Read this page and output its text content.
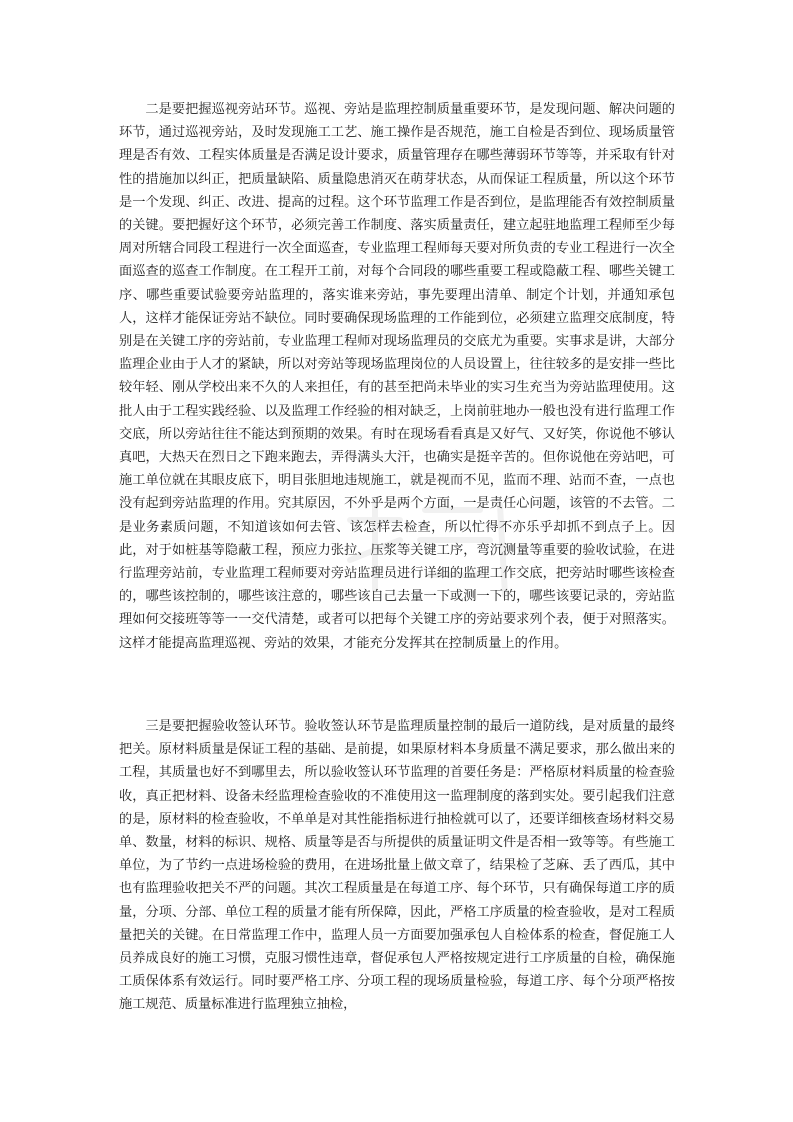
二是要把握巡视旁站环节。巡视、旁站是监理控制质量重要环节，是发现问题、解决问题的环节，通过巡视旁站，及时发现施工工艺、施工操作是否规范，施工自检是否到位、现场质量管理是否有效、工程实体质量是否满足设计要求，质量管理存在哪些薄弱环节等等，并采取有针对性的措施加以纠正，把质量缺陷、质量隐患消灭在萌芽状态，从而保证工程质量，所以这个环节是一个发现、纠正、改进、提高的过程。这个环节监理工作是否到位，是监理能否有效控制质量的关键。要把握好这个环节，必须完善工作制度、落实质量责任，建立起驻地监理工程师至少每周对所辖合同段工程进行一次全面巡查，专业监理工程师每天要对所负责的专业工程进行一次全面巡查的巡查工作制度。在工程开工前，对每个合同段的哪些重要工程或隐蔽工程、哪些关键工序、哪些重要试验要旁站监理的，落实谁来旁站，事先要理出清单、制定个计划，并通知承包人，这样才能保证旁站不缺位。同时要确保现场监理的工作能到位，必须建立监理交底制度，特别是在关键工序的旁站前，专业监理工程师对现场监理员的交底尤为重要。实事求是讲，大部分监理企业由于人才的紧缺，所以对旁站等现场监理岗位的人员设置上，往往较多的是安排一些比较年轻、刚从学校出来不久的人来担任，有的甚至把尚未毕业的实习生充当为旁站监理使用。这批人由于工程实践经验、以及监理工作经验的相对缺乏，上岗前驻地办一般也没有进行监理工作交底，所以旁站往往不能达到预期的效果。有时在现场看看真是又好气、又好笑，你说他不够认真吧，大热天在烈日之下跑来跑去，弄得满头大汗，也确实是挺辛苦的。但你说他在旁站吧，可施工单位就在其眼皮底下，明目张胆地违规施工，就是视而不见，监而不理、站而不查，一点也没有起到旁站监理的作用。究其原因，不外乎是两个方面，一是责任心问题，该管的不去管。二是业务素质问题，不知道该如何去管、该怎样去检查，所以忙得不亦乐乎却抓不到点子上。因此，对于如桩基等隐蔽工程，预应力张拉、压浆等关键工序，弯沉测量等重要的验收试验，在进行监理旁站前，专业监理工程师要对旁站监理员进行详细的监理工作交底，把旁站时哪些该检查的，哪些该控制的，哪些该注意的，哪些该自己去量一下或测一下的，哪些该要记录的，旁站监理如何交接班等等一一交代清楚，或者可以把每个关键工序的旁站要求列个表，便于对照落实。这样才能提高监理巡视、旁站的效果，才能充分发挥其在控制质量上的作用。

三是要把握验收签认环节。验收签认环节是监理质量控制的最后一道防线，是对质量的最终把关。原材料质量是保证工程的基础、是前提，如果原材料本身质量不满足要求，那么做出来的工程，其质量也好不到哪里去，所以验收签认环节监理的首要任务是：严格原材料质量的检查验收，真正把材料、设备未经监理检查验收的不准使用这一监理制度的落到实处。要引起我们注意的是，原材料的检查验收，不单单是对其性能指标进行抽检就可以了，还要详细核查场材料交易单、数量，材料的标识、规格、质量等是否与所提供的质量证明文件是否相一致等等。有些施工单位，为了节约一点进场检验的费用，在进场批量上做文章了，结果检了芝麻、丢了西瓜，其中也有监理验收把关不严的问题。其次工程质量是在每道工序、每个环节，只有确保每道工序的质量，分项、分部、单位工程的质量才能有所保障，因此，严格工序质量的检查验收，是对工程质量把关的关键。在日常监理工作中，监理人员一方面要加强承包人自检体系的检查，督促施工人员养成良好的施工习惯，克服习惯性违章，督促承包人严格按规定进行工序质量的自检，确保施工质保体系有效运行。同时要严格工序、分项工程的现场质量检验，每道工序、每个分项严格按施工规范、质量标准进行监理独立抽检，
